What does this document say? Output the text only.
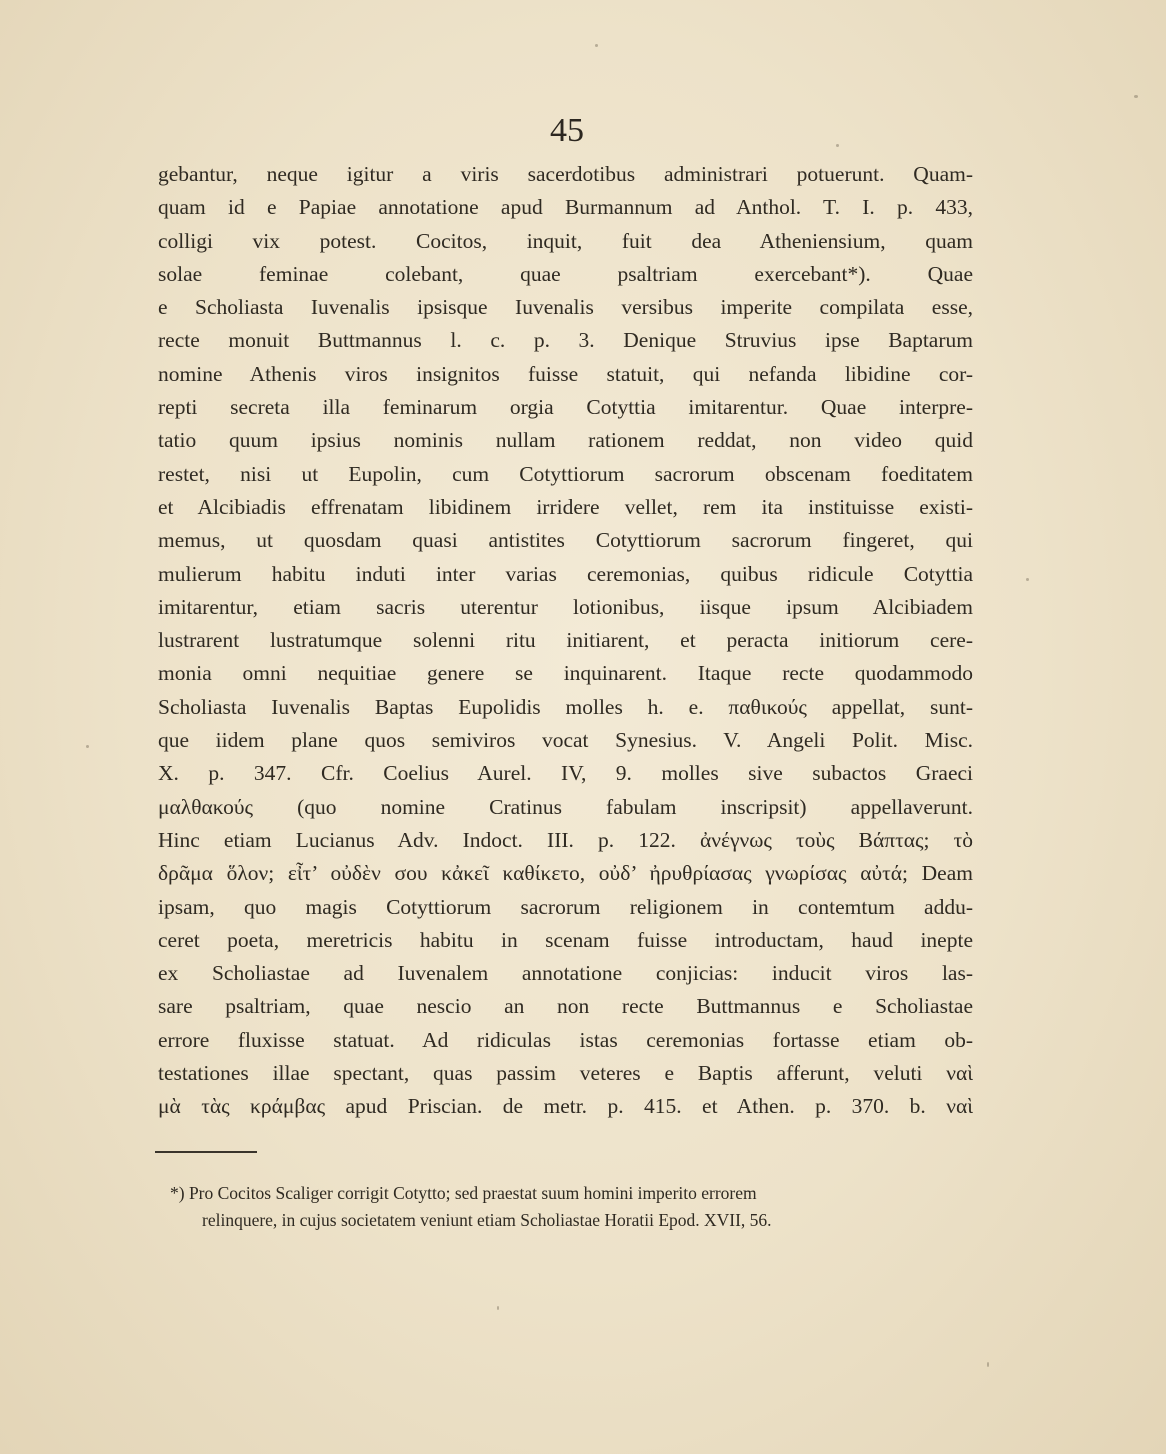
45
gebantur, neque igitur a viris sacerdotibus administrari potuerunt. Quam-
quam id e Papiae annotatione apud Burmannum ad Anthol. T. I. p. 433,
colligi vix potest. Cocitos, inquit, fuit dea Atheniensium, quam
solae feminae colebant, quae psaltriam exercebant*). Quae
e Scholiasta Iuvenalis ipsisque Iuvenalis versibus imperite compilata esse,
recte monuit Buttmannus l. c. p. 3. Denique Struvius ipse Baptarum
nomine Athenis viros insignitos fuisse statuit, qui nefanda libidine cor-
repti secreta illa feminarum orgia Cotyttia imitarentur. Quae interpre-
tatio quum ipsius nominis nullam rationem reddat, non video quid
restet, nisi ut Eupolin, cum Cotyttiorum sacrorum obscenam foeditatem
et Alcibiadis effrenatam libidinem irridere vellet, rem ita instituisse existi-
memus, ut quosdam quasi antistites Cotyttiorum sacrorum fingeret, qui
mulierum habitu induti inter varias ceremonias, quibus ridicule Cotyttia
imitarentur, etiam sacris uterentur lotionibus, iisque ipsum Alcibiadem
lustrarent lustratumque solenni ritu initiarent, et peracta initiorum cere-
monia omni nequitiae genere se inquinarent. Itaque recte quodammodo
Scholiasta Iuvenalis Baptas Eupolidis molles h. e. παθικούς appellat, sunt-
que iidem plane quos semiviros vocat Synesius. V. Angeli Polit. Misc.
X. p. 347. Cfr. Coelius Aurel. IV, 9. molles sive subactos Graeci
μαλθακούς (quo nomine Cratinus fabulam inscripsit) appellaverunt.
Hinc etiam Lucianus Adv. Indoct. III. p. 122. ἀνέγνως τοὺς Βάπτας; τὸ
δρᾶμα ὅλον; εἶτ’ οὐδὲν σου κἀκεῖ καθίκετο, οὐδ’ ἠρυθρίασας γνωρίσας αὐτά; Deam
ipsam, quo magis Cotyttiorum sacrorum religionem in contemtum addu-
ceret poeta, meretricis habitu in scenam fuisse introductam, haud inepte
ex Scholiastae ad Iuvenalem annotatione conjicias: inducit viros las-
sare psaltriam, quae nescio an non recte Buttmannus e Scholiastae
errore fluxisse statuat. Ad ridiculas istas ceremonias fortasse etiam ob-
testationes illae spectant, quas passim veteres e Baptis afferunt, veluti ναὶ
μὰ τὰς κράμβας apud Priscian. de metr. p. 415. et Athen. p. 370. b. ναὶ
*) Pro Cocitos Scaliger corrigit Cotytto; sed praestat suum homini imperito errorem
relinquere, in cujus societatem veniunt etiam Scholiastae Horatii Epod. XVII, 56.
